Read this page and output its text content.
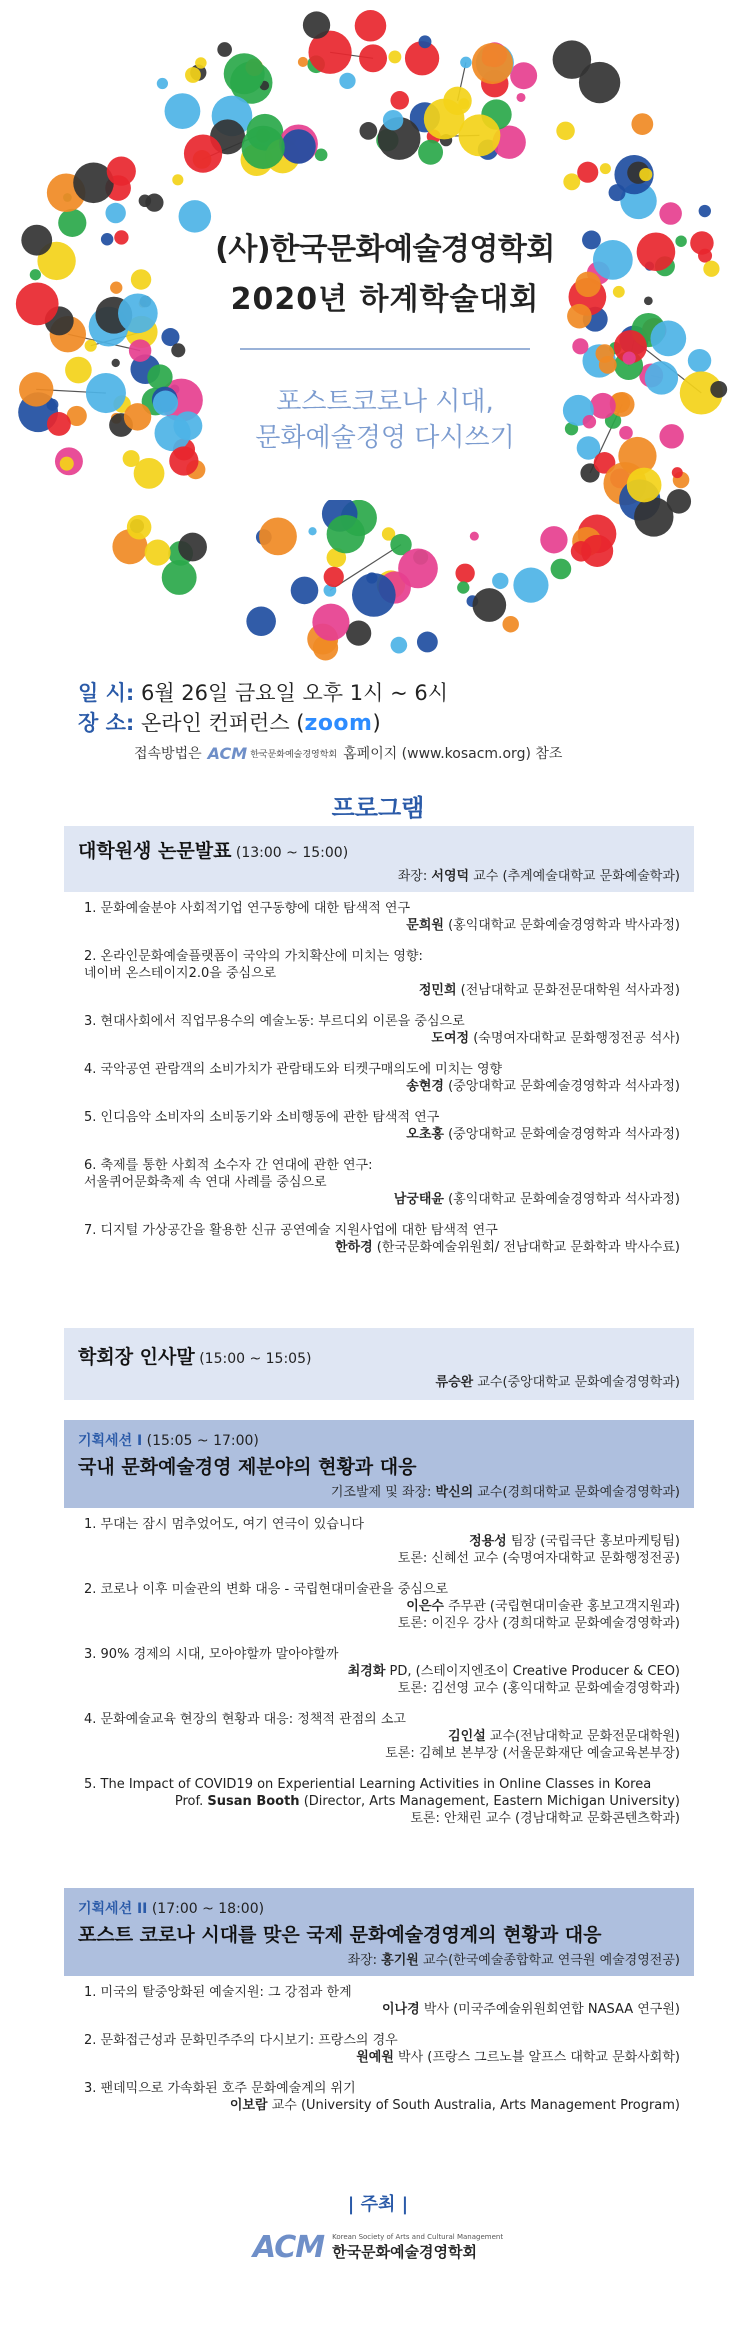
(사)한국문화예술경영학회
2020년 하계학술대회
포스트코로나 시대,
문화예술경영 다시쓰기
일 시: 6월 26일 금요일 오후 1시 ~ 6시
장 소: 온라인 컨퍼런스 (zoom)
접속방법은 ACM 한국문화예술경영학회 홈페이지 (www.kosacm.org) 참조
프로그램
대학원생 논문발표 (13:00 ~ 15:00)
좌장: 서영덕 교수 (추계예술대학교 문화예술학과)
1. 문화예술분야 사회적기업 연구동향에 대한 탐색적 연구
문희원 (홍익대학교 문화예술경영학과 박사과정)
2. 온라인문화예술플랫폼이 국악의 가치확산에 미치는 영향:
네이버 온스테이지2.0을 중심으로
정민희 (전남대학교 문화전문대학원 석사과정)
3. 현대사회에서 직업무용수의 예술노동: 부르디외 이론을 중심으로
도여정 (숙명여자대학교 문화행정전공 석사)
4. 국악공연 관람객의 소비가치가 관람태도와 티켓구매의도에 미치는 영향
송현경 (중앙대학교 문화예술경영학과 석사과정)
5. 인디음악 소비자의 소비동기와 소비행동에 관한 탐색적 연구
오초홍 (중앙대학교 문화예술경영학과 석사과정)
6. 축제를 통한 사회적 소수자 간 연대에 관한 연구:
서울퀴어문화축제 속 연대 사례를 중심으로
남궁태윤 (홍익대학교 문화예술경영학과 석사과정)
7. 디지털 가상공간을 활용한 신규 공연예술 지원사업에 대한 탐색적 연구
한하경 (한국문화예술위원회/ 전남대학교 문화학과 박사수료)
학회장 인사말 (15:00 ~ 15:05)
류승완 교수(중앙대학교 문화예술경영학과)
기획세션 I (15:05 ~ 17:00)
국내 문화예술경영 제분야의 현황과 대응
기조발제 및 좌장: 박신의 교수(경희대학교 문화예술경영학과)
1. 무대는 잠시 멈추었어도, 여기 연극이 있습니다
정용성 팀장 (국립극단 홍보마케팅팀)
토론: 신혜선 교수 (숙명여자대학교 문화행정전공)
2. 코로나 이후 미술관의 변화 대응 - 국립현대미술관을 중심으로
이은수 주무관 (국립현대미술관 홍보고객지원과)
토론: 이진우 강사 (경희대학교 문화예술경영학과)
3. 90% 경제의 시대, 모아야할까 말아야할까
최경화 PD, (스테이지엔조이 Creative Producer & CEO)
토론: 김선영 교수 (홍익대학교 문화예술경영학과)
4. 문화예술교육 현장의 현황과 대응: 정책적 관점의 소고
김인설 교수(전남대학교 문화전문대학원)
토론: 김혜보 본부장 (서울문화재단 예술교육본부장)
5. The Impact of COVID19 on Experiential Learning Activities in Online Classes in Korea
Prof. Susan Booth (Director, Arts Management, Eastern Michigan University)
토론: 안채린 교수 (경남대학교 문화콘텐츠학과)
기획세션 II (17:00 ~ 18:00)
포스트 코로나 시대를 맞은 국제 문화예술경영계의 현황과 대응
좌장: 홍기원 교수(한국예술종합학교 연극원 예술경영전공)
1. 미국의 탈중앙화된 예술지원: 그 강점과 한계
이나경 박사 (미국주예술위원회연합 NASAA 연구원)
2. 문화접근성과 문화민주주의 다시보기: 프랑스의 경우
원예원 박사 (프랑스 그르노블 알프스 대학교 문화사회학)
3. 팬데믹으로 가속화된 호주 문화예술계의 위기
이보람 교수 (University of South Australia, Arts Management Program)
| 주최 |
ACM Korean Society of Arts and Cultural Management
한국문화예술경영학회
